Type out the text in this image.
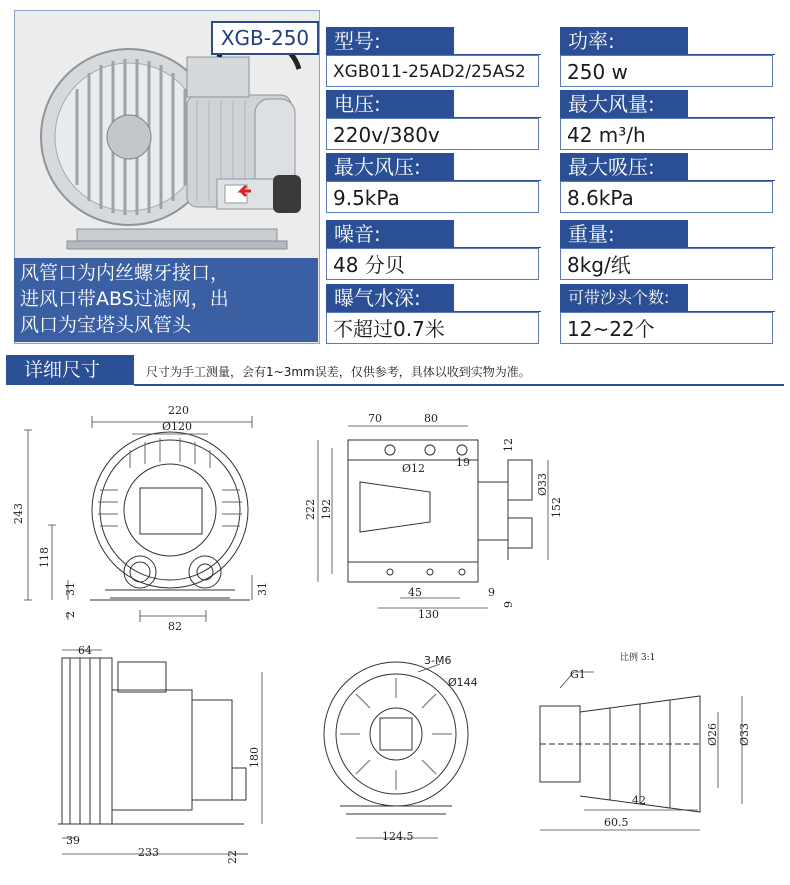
XGB-250
风管口为内丝螺牙接口，
进风口带ABS过滤网，出
风口为宝塔头风管头
型号:
XGB011-25AD2/25AS2
功率:
250 w
电压:
220v/380v
最大风量:
42 m³/h
最大风压:
9.5kPa
最大吸压:
8.6kPa
噪音:
48 分贝
重量:
8kg/纸
曝气水深:
不超过0.7米
可带沙头个数:
12~22个
详细尺寸	尺寸为手工测量，会有1~3mm误差，仅供参考，具体以收到实物为准。
220
Ø120
243
118
31
2
82
31
70	80
12
Ø12	19
Ø33
222 192	152
45
130
9
9
64
180
39
233	22
3-M6
Ø144
124.5
比例 3:1
G1
Ø26 Ø33
42
60.5
